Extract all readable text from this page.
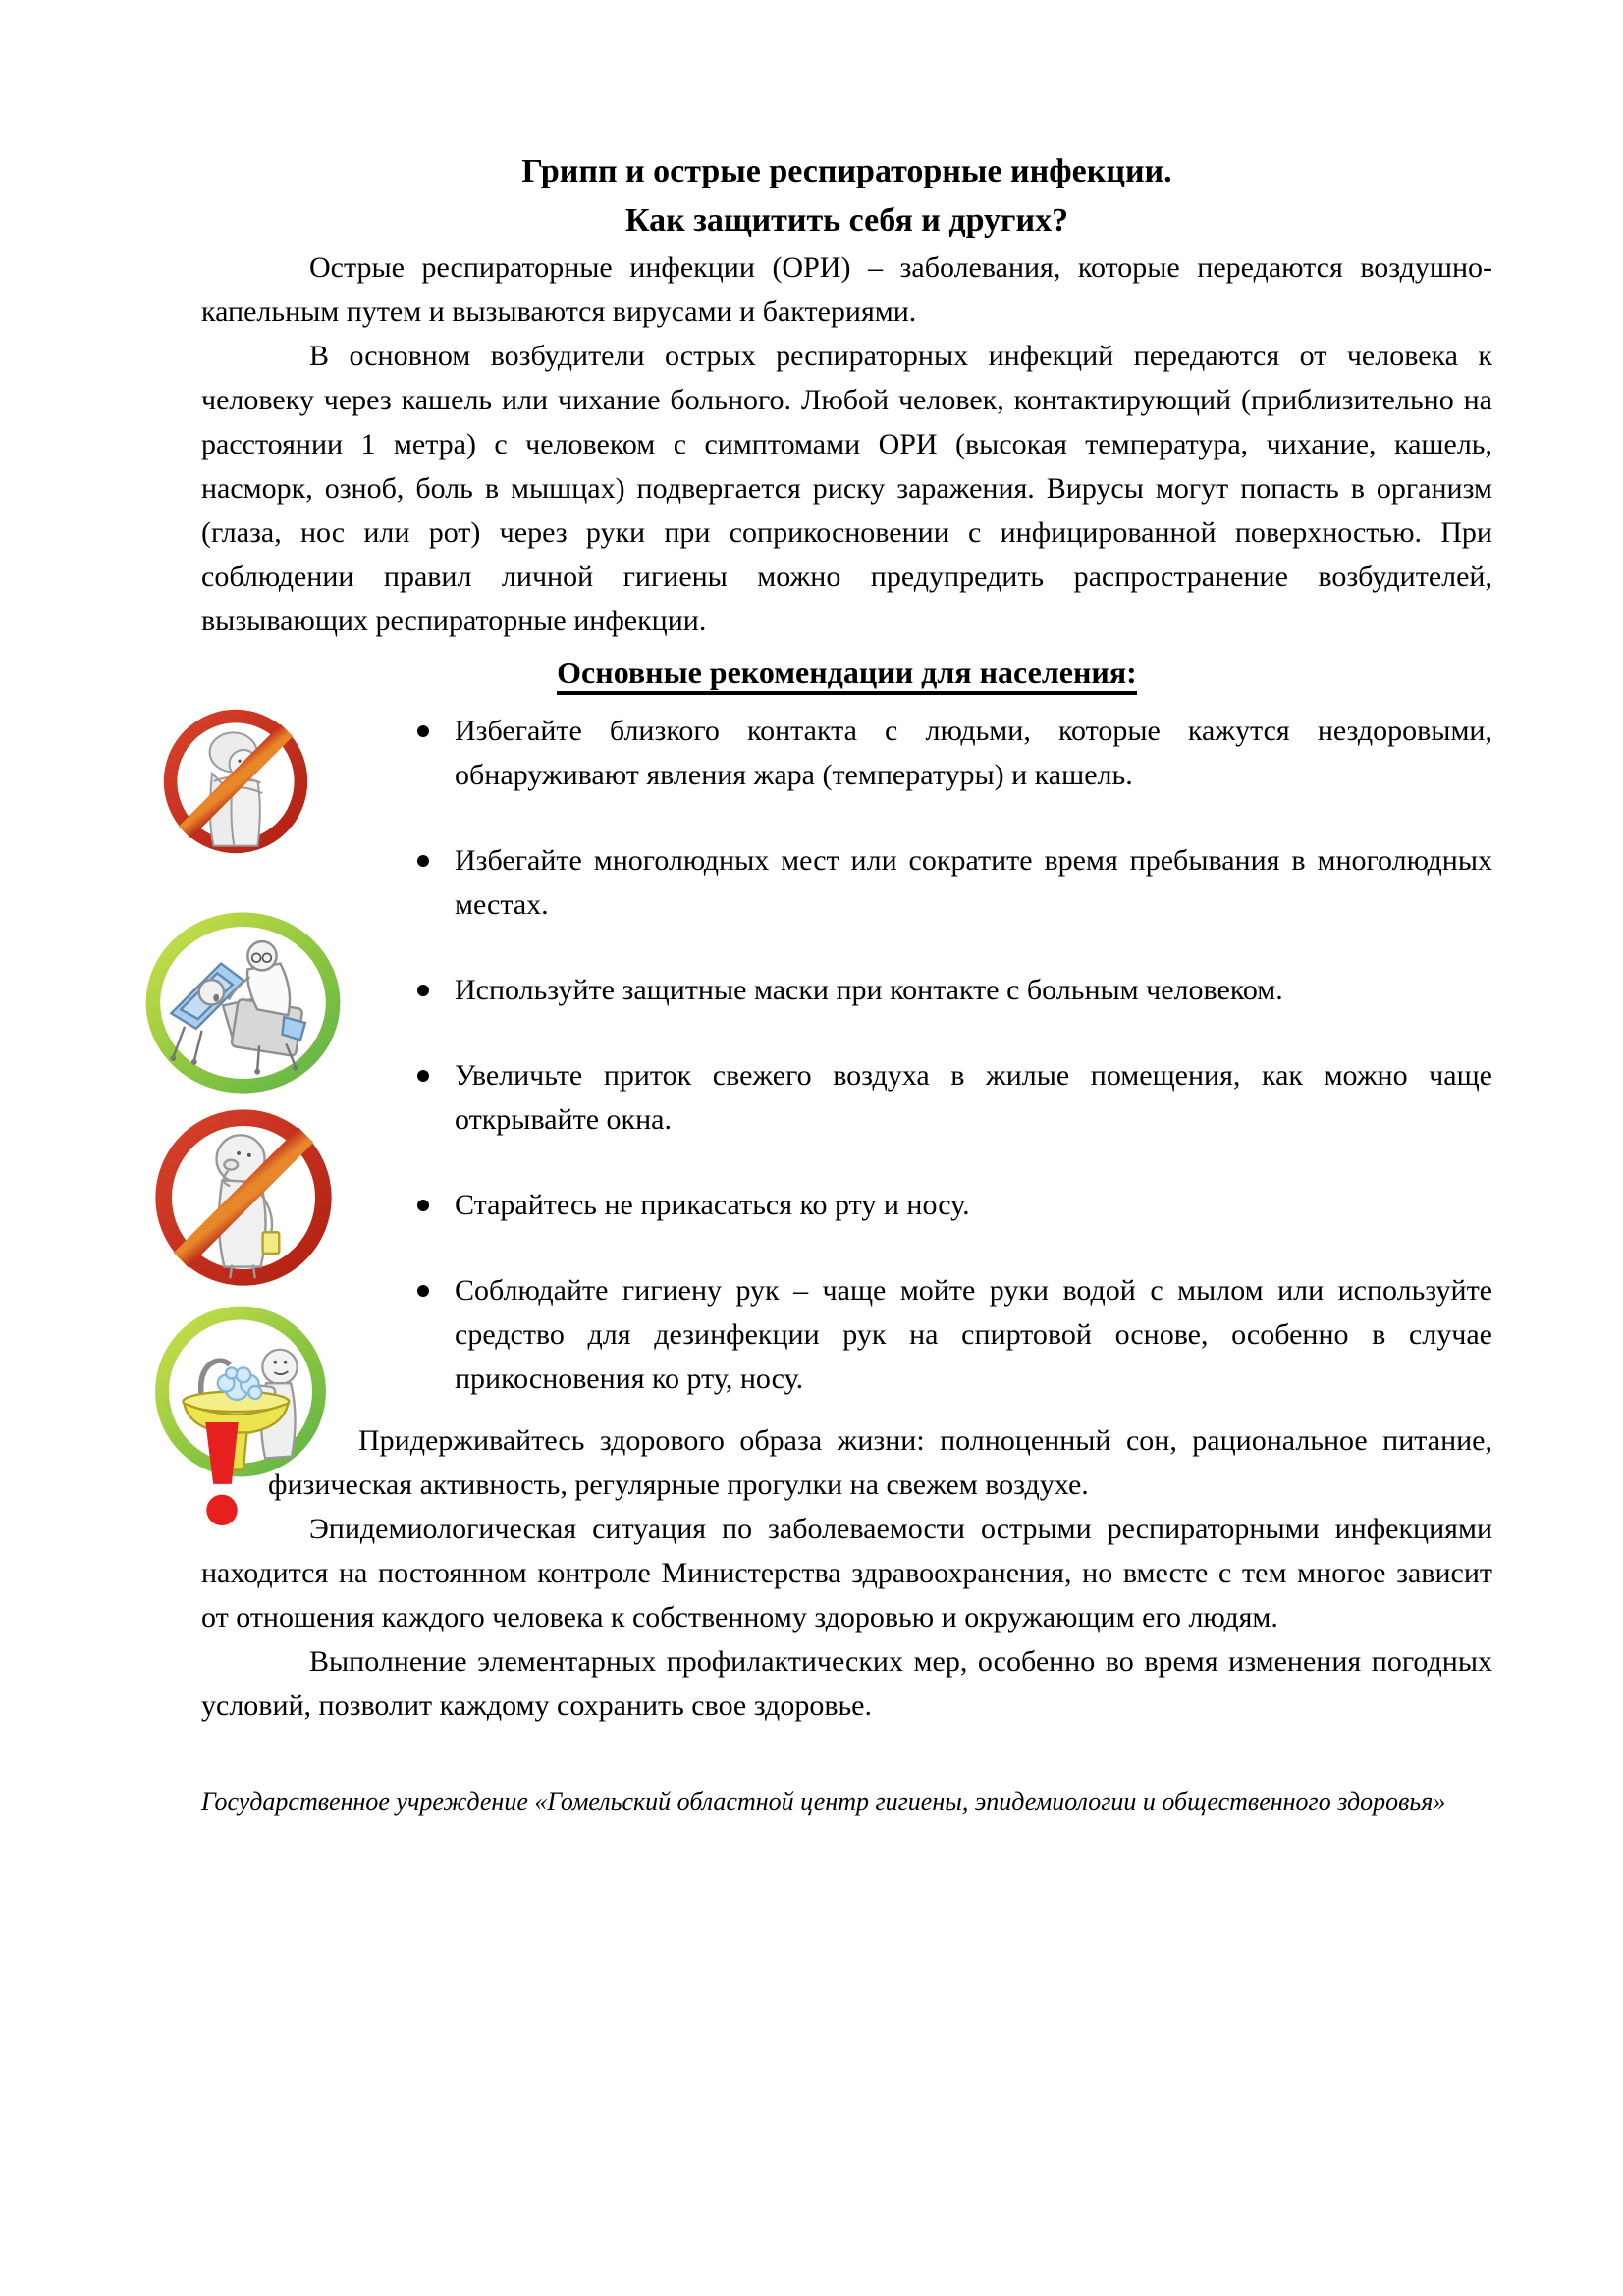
Грипп и острые респираторные инфекции.
Как защитить себя и других?

Острые респираторные инфекции (ОРИ) – заболевания, которые передаются воздушно-капельным путем и вызываются вирусами и бактериями.

В основном возбудители острых респираторных инфекций передаются от человека к человеку через кашель или чихание больного. Любой человек, контактирующий (приблизительно на расстоянии 1 метра) с человеком с симптомами ОРИ (высокая температура, чихание, кашель, насморк, озноб, боль в мышцах) подвергается риску заражения. Вирусы могут попасть в организм (глаза, нос или рот) через руки при соприкосновении с инфицированной поверхностью. При соблюдении правил личной гигиены можно предупредить распространение возбудителей, вызывающих респираторные инфекции.

Основные рекомендации для населения:
Избегайте близкого контакта с людьми, которые кажутся нездоровыми, обнаруживают явления жара (температуры) и кашель.
Избегайте многолюдных мест или сократите время пребывания в многолюдных местах.
Используйте защитные маски при контакте с больным человеком.
Увеличьте приток свежего воздуха в жилые помещения, как можно чаще открывайте окна.
Старайтесь не прикасаться ко рту и носу.
Соблюдайте гигиену рук – чаще мойте руки водой с мылом или используйте средство для дезинфекции рук на спиртовой основе, особенно в случае прикосновения ко рту, носу.
Придерживайтесь здорового образа жизни: полноценный сон, рациональное питание, физическая активность, регулярные прогулки на свежем воздухе.

Эпидемиологическая ситуация по заболеваемости острыми респираторными инфекциями находится на постоянном контроле Министерства здравоохранения, но вместе с тем многое зависит от отношения каждого человека к собственному здоровью и окружающим его людям.

Выполнение элементарных профилактических мер, особенно во время изменения погодных условий, позволит каждому сохранить свое здоровье.

Государственное учреждение «Гомельский областной центр гигиены, эпидемиологии и общественного здоровья»
